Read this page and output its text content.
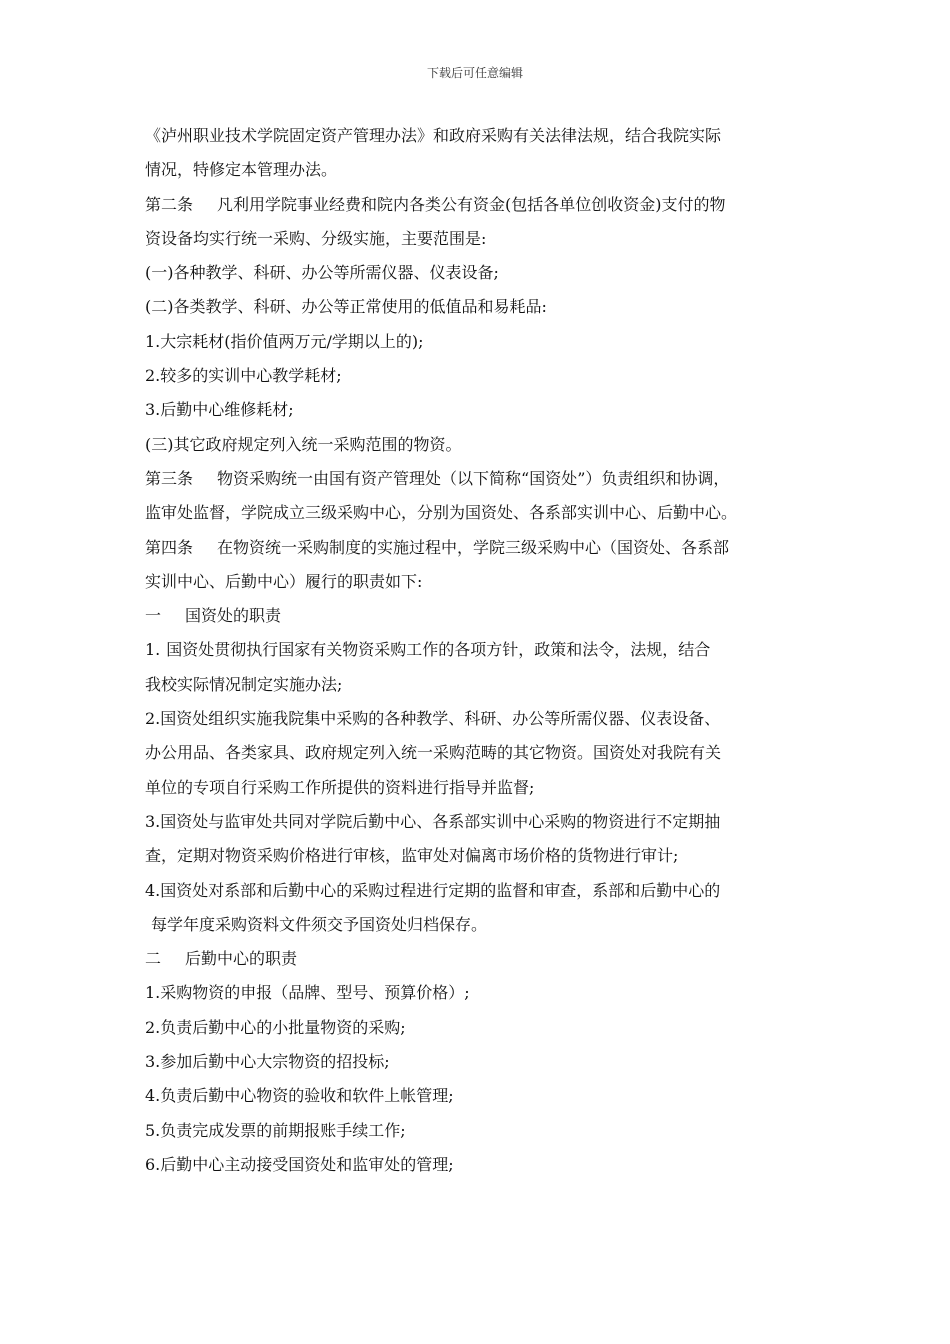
下载后可任意编辑
《泸州职业技术学院固定资产管理办法》和政府采购有关法律法规，结合我院实际
情况，特修定本管理办法。
第二条 凡利用学院事业经费和院内各类公有资金(包括各单位创收资金)支付的物
资设备均实行统一采购、分级实施，主要范围是:
(一)各种教学、科研、办公等所需仪器、仪表设备;
(二)各类教学、科研、办公等正常使用的低值品和易耗品:
1.大宗耗材(指价值两万元/学期以上的);
2.较多的实训中心教学耗材;
3.后勤中心维修耗材;
(三)其它政府规定列入统一采购范围的物资。
第三条 物资采购统一由国有资产管理处（以下简称“国资处”）负责组织和协调，
监审处监督，学院成立三级采购中心，分别为国资处、各系部实训中心、后勤中心。
第四条 在物资统一采购制度的实施过程中，学院三级采购中心（国资处、各系部
实训中心、后勤中心）履行的职责如下:
一 国资处的职责
1. 国资处贯彻执行国家有关物资采购工作的各项方针，政策和法令，法规，结合
我校实际情况制定实施办法;
2.国资处组织实施我院集中采购的各种教学、科研、办公等所需仪器、仪表设备、
办公用品、各类家具、政府规定列入统一采购范畴的其它物资。国资处对我院有关
单位的专项自行采购工作所提供的资料进行指导并监督;
3.国资处与监审处共同对学院后勤中心、各系部实训中心采购的物资进行不定期抽
查，定期对物资采购价格进行审核，监审处对偏离市场价格的货物进行审计;
4.国资处对系部和后勤中心的采购过程进行定期的监督和审查，系部和后勤中心的
每学年度采购资料文件须交予国资处归档保存。
二 后勤中心的职责
1.采购物资的申报（品牌、型号、预算价格）;
2.负责后勤中心的小批量物资的采购;
3.参加后勤中心大宗物资的招投标;
4.负责后勤中心物资的验收和软件上帐管理;
5.负责完成发票的前期报账手续工作;
6.后勤中心主动接受国资处和监审处的管理;
